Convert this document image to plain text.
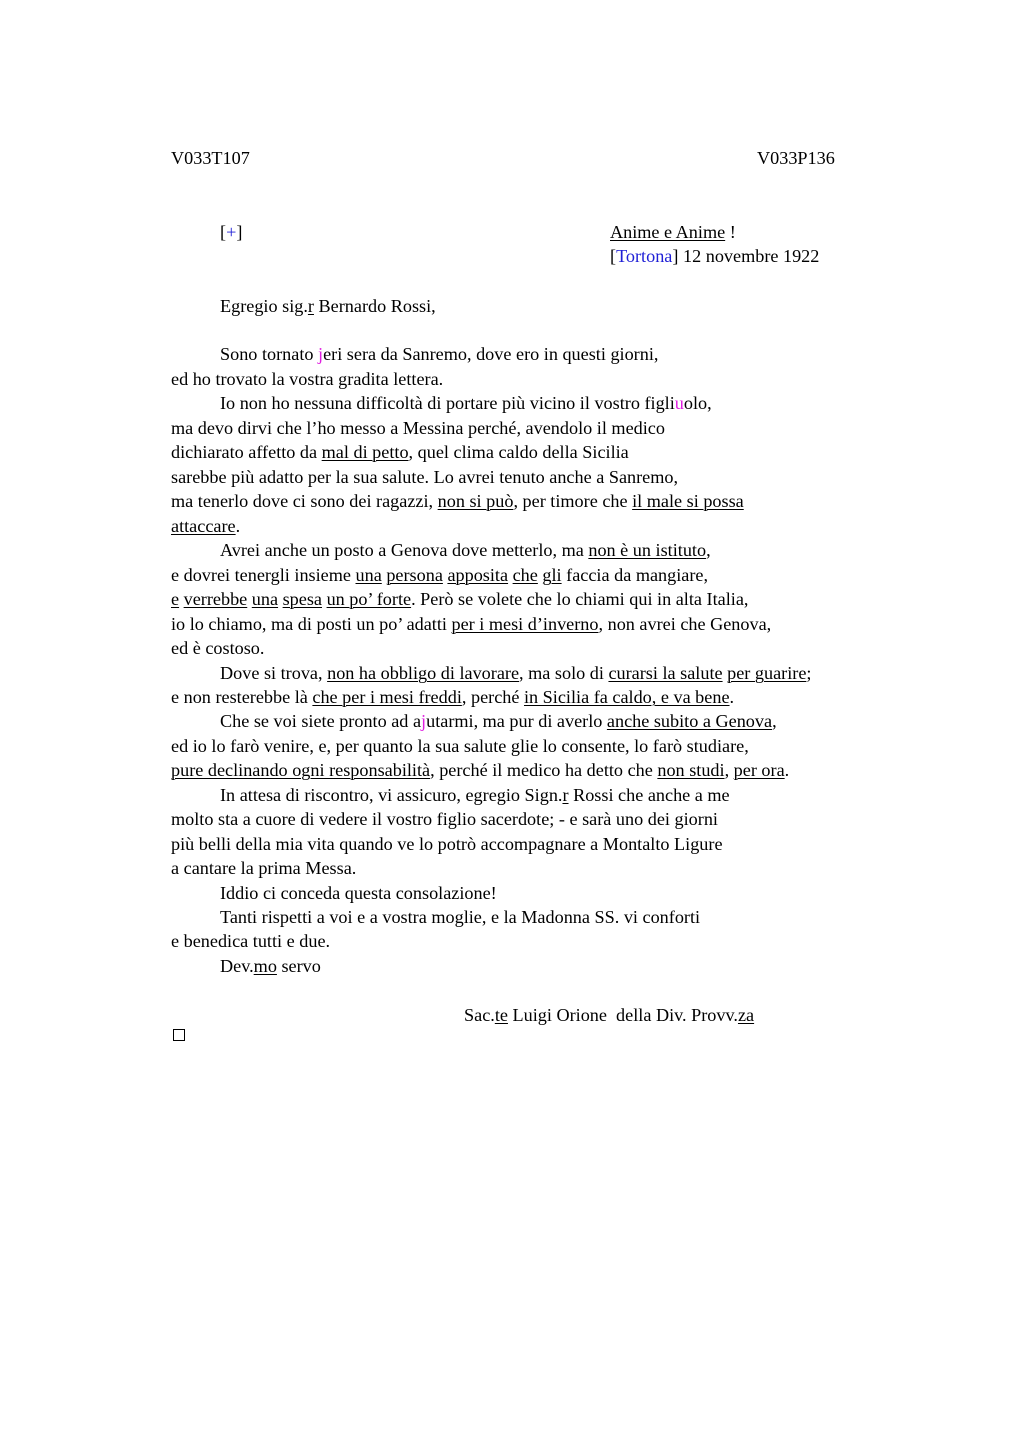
V033T107	V033P136
[+]	Anime e Anime !
[Tortona] 12 novembre 1922
Egregio sig.r Bernardo Rossi,
Sono tornato jeri sera da Sanremo, dove ero in questi giorni,
ed ho trovato la vostra gradita lettera.
Io non ho nessuna difficoltà di portare più vicino il vostro figliuolo,
ma devo dirvi che l’ho messo a Messina perché, avendolo il medico
dichiarato affetto da mal di petto, quel clima caldo della Sicilia
sarebbe più adatto per la sua salute. Lo avrei tenuto anche a Sanremo,
ma tenerlo dove ci sono dei ragazzi, non si può, per timore che il male si possa
attaccare.
Avrei anche un posto a Genova dove metterlo, ma non è un istituto,
e dovrei tenergli insieme una persona apposita che gli faccia da mangiare,
e verrebbe una spesa un po’ forte. Però se volete che lo chiami qui in alta Italia,
io lo chiamo, ma di posti un po’ adatti per i mesi d’inverno, non avrei che Genova,
ed è costoso.
Dove si trova, non ha obbligo di lavorare, ma solo di curarsi la salute per guarire;
e non resterebbe là che per i mesi freddi, perché in Sicilia fa caldo, e va bene.
Che se voi siete pronto ad ajutarmi, ma pur di averlo anche subito a Genova,
ed io lo farò venire, e, per quanto la sua salute glie lo consente, lo farò studiare,
pure declinando ogni responsabilità, perché il medico ha detto che non studi, per ora.
In attesa di riscontro, vi assicuro, egregio Sign.r Rossi che anche a me
molto sta a cuore di vedere il vostro figlio sacerdote; - e sarà uno dei giorni
più belli della mia vita quando ve lo potrò accompagnare a Montalto Ligure
a cantare la prima Messa.
Iddio ci conceda questa consolazione!
Tanti rispetti a voi e a vostra moglie, e la Madonna SS. vi conforti
e benedica tutti e due.
Dev.mo servo
Sac.te Luigi Orione  della Div. Provv.za
